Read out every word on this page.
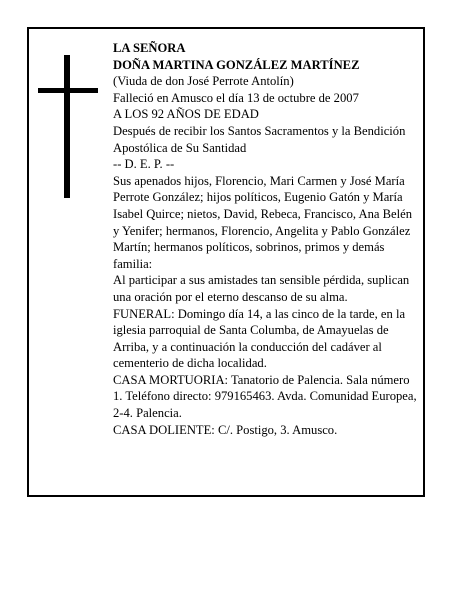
LA SEÑORA

DOÑA MARTINA GONZÁLEZ MARTÍNEZ

(Viuda de don José Perrote Antolín)

Falleció en Amusco el día 13 de octubre de 2007

A LOS 92 AÑOS DE EDAD

Después de recibir los Santos Sacramentos y la Bendición Apostólica de Su Santidad

-- D. E. P. --

Sus apenados hijos, Florencio, Mari Carmen y José María Perrote González; hijos políticos, Eugenio Gatón y María Isabel Quirce; nietos, David, Rebeca, Francisco, Ana Belén y Yenifer; hermanos, Florencio, Angelita y Pablo González Martín; hermanos políticos, sobrinos, primos y demás familia:

Al participar a sus amistades tan sensible pérdida, suplican una oración por el eterno descanso de su alma.

FUNERAL: Domingo día 14, a las cinco de la tarde, en la iglesia parroquial de Santa Columba, de Amayuelas de Arriba, y a continuación la conducción del cadáver al cementerio de dicha localidad.

CASA MORTUORIA: Tanatorio de Palencia. Sala número 1. Teléfono directo: 979165463. Avda. Comunidad Europea, 2-4. Palencia.

CASA DOLIENTE: C/. Postigo, 3. Amusco.
